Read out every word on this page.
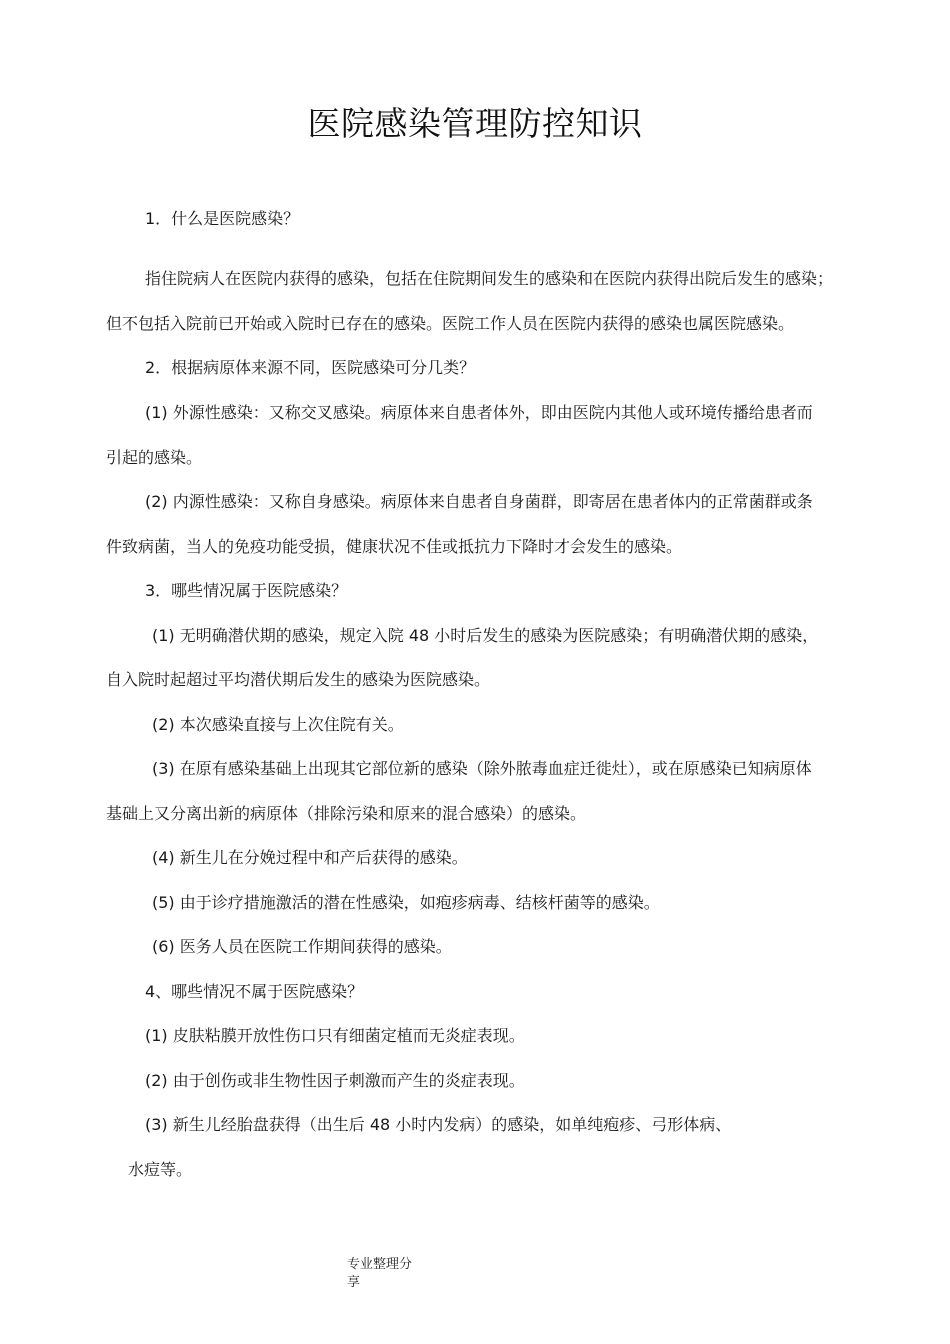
医院感染管理防控知识
1．什么是医院感染？
指住院病人在医院内获得的感染，包括在住院期间发生的感染和在医院内获得出院后发生的感染；
但不包括入院前已开始或入院时已存在的感染。医院工作人员在医院内获得的感染也属医院感染。
2．根据病原体来源不同，医院感染可分几类？
(1) 外源性感染：又称交叉感染。病原体来自患者体外，即由医院内其他人或环境传播给患者而
引起的感染。
(2) 内源性感染：又称自身感染。病原体来自患者自身菌群，即寄居在患者体内的正常菌群或条
件致病菌，当人的免疫功能受损，健康状况不佳或抵抗力下降时才会发生的感染。
3．哪些情况属于医院感染？
(1) 无明确潜伏期的感染，规定入院 48 小时后发生的感染为医院感染；有明确潜伏期的感染，
自入院时起超过平均潜伏期后发生的感染为医院感染。
(2) 本次感染直接与上次住院有关。
(3) 在原有感染基础上出现其它部位新的感染（除外脓毒血症迁徙灶），或在原感染已知病原体
基础上又分离出新的病原体（排除污染和原来的混合感染）的感染。
(4) 新生儿在分娩过程中和产后获得的感染。
(5) 由于诊疗措施激活的潜在性感染，如疱疹病毒、结核杆菌等的感染。
(6) 医务人员在医院工作期间获得的感染。
4、哪些情况不属于医院感染？
(1) 皮肤粘膜开放性伤口只有细菌定植而无炎症表现。
(2) 由于创伤或非生物性因子刺激而产生的炎症表现。
(3) 新生儿经胎盘获得（出生后 48 小时内发病）的感染，如单纯疱疹、弓形体病、
水痘等。
专业整理分
享
